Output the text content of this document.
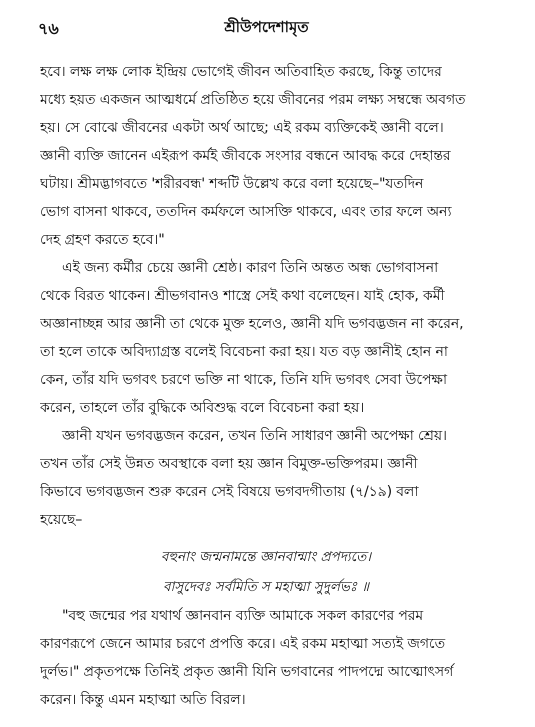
৭৬	শ্রীউপদেশামৃত
হবে। লক্ষ লক্ষ লোক ইন্দ্রিয় ভোগেই জীবন অতিবাহিত করছে, কিন্তু তাদের
মধ্যে হয়ত একজন আত্মধর্মে প্রতিষ্ঠিত হয়ে জীবনের পরম লক্ষ্য সম্বন্ধে অবগত
হয়। সে বোঝে জীবনের একটা অর্থ আছে; এই রকম ব্যক্তিকেই জ্ঞানী বলে।
জ্ঞানী ব্যক্তি জানেন এইরূপ কর্মই জীবকে সংসার বন্ধনে আবদ্ধ করে দেহান্তর
ঘটায়। শ্রীমদ্ভাগবতে 'শরীরবন্ধ' শব্দটি উল্লেখ করে বলা হয়েছে–"যতদিন
ভোগ বাসনা থাকবে, ততদিন কর্মফলে আসক্তি থাকবে, এবং তার ফলে অন্য
দেহ গ্রহণ করতে হবে।"
এই জন্য কর্মীর চেয়ে জ্ঞানী শ্রেষ্ঠ। কারণ তিনি অন্তত অন্ধ ভোগবাসনা
থেকে বিরত থাকেন। শ্রীভগবানও শাস্ত্রে সেই কথা বলেছেন। যাই হোক, কর্মী
অজ্ঞানাচ্ছন্ন আর জ্ঞানী তা থেকে মুক্ত হলেও, জ্ঞানী যদি ভগবদ্ভজন না করেন,
তা হলে তাকে অবিদ্যাগ্রস্ত বলেই বিবেচনা করা হয়। যত বড় জ্ঞানীই হোন না
কেন, তাঁর যদি ভগবৎ চরণে ভক্তি না থাকে, তিনি যদি ভগবৎ সেবা উপেক্ষা
করেন, তাহলে তাঁর বুদ্ধিকে অবিশুদ্ধ বলে বিবেচনা করা হয়।
জ্ঞানী যখন ভগবদ্ভজন করেন, তখন তিনি সাধারণ জ্ঞানী অপেক্ষা শ্রেয়।
তখন তাঁর সেই উন্নত অবস্থাকে বলা হয় জ্ঞান বিমুক্ত-ভক্তিপরম। জ্ঞানী
কিভাবে ভগবদ্ভজন শুরু করেন সেই বিষয়ে ভগবদগীতায় (৭/১৯) বলা
হয়েছে–
বহুনাং জন্মনামন্তে জ্ঞানবান্মাং প্রপদ্যতে।
বাসুদেবঃ সর্বমিতি স মহাত্মা সুদুর্লভঃ ॥
"বহু জন্মের পর যথার্থ জ্ঞানবান ব্যক্তি আমাকে সকল কারণের পরম
কারণরূপে জেনে আমার চরণে প্রপত্তি করে। এই রকম মহাত্মা সত্যই জগতে
দুর্লভ।" প্রকৃতপক্ষে তিনিই প্রকৃত জ্ঞানী যিনি ভগবানের পাদপদ্মে আত্মোৎসর্গ
করেন। কিন্তু এমন মহাত্মা অতি বিরল।
